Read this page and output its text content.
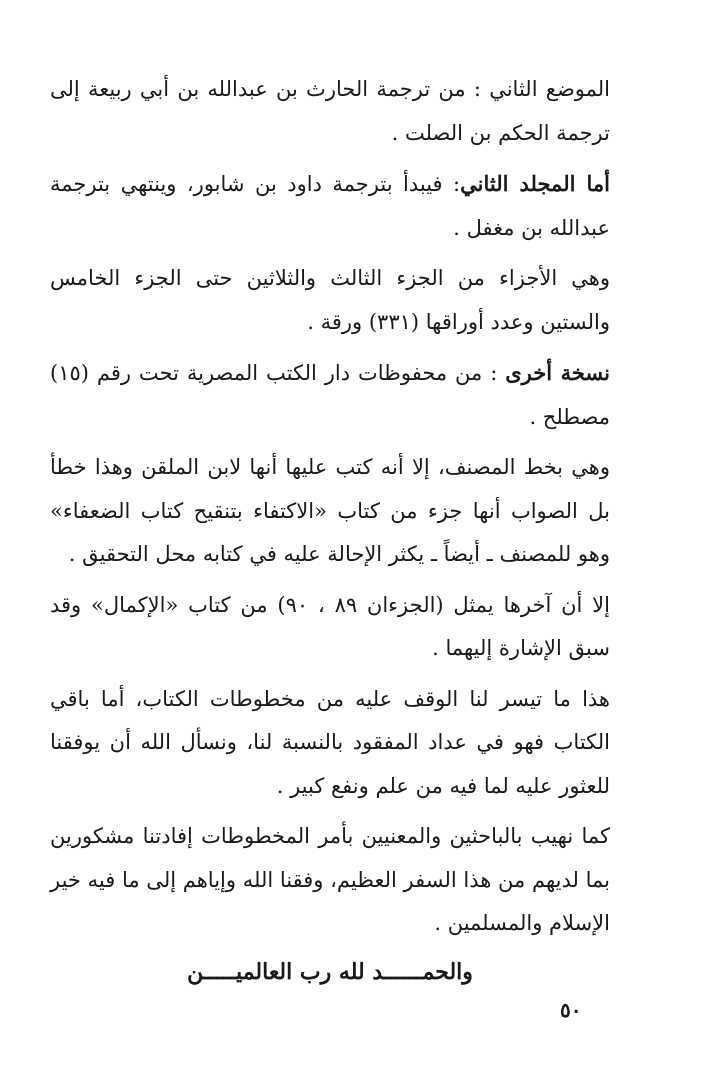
الموضع الثاني : من ترجمة الحارث بن عبدالله بن أبي ربيعة إلى ترجمة الحكم بن الصلت .

أما المجلد الثاني: فيبدأ بترجمة داود بن شابور، وينتهي بترجمة عبدالله بن مغفل .

وهي الأجزاء من الجزء الثالث والثلاثين حتى الجزء الخامس والستين وعدد أوراقها (٣٣١) ورقة .

نسخة أخرى : من محفوظات دار الكتب المصرية تحت رقم (١٥) مصطلح .

وهي بخط المصنف، إلا أنه كتب عليها أنها لابن الملقن وهذا خطأ بل الصواب أنها جزء من كتاب «الاكتفاء بتنقيح كتاب الضعفاء» وهو للمصنف ـ أيضاً ـ يكثر الإحالة عليه في كتابه محل التحقيق .

إلا أن آخرها يمثل (الجزءان ٨٩ ، ٩٠) من كتاب «الإكمال» وقد سبق الإشارة إليهما .

هذا ما تيسر لنا الوقف عليه من مخطوطات الكتاب، أما باقي الكتاب فهو في عداد المفقود بالنسبة لنا، ونسأل الله أن يوفقنا للعثور عليه لما فيه من علم ونفع كبير .

كما نهيب بالباحثين والمعنيين بأمر المخطوطات إفادتنا مشكورين بما لديهم من هذا السفر العظيم، وفقنا الله وإياهم إلى ما فيه خير الإسلام والمسلمين .

والحمــــــد لله رب العالميـــــن
٥٠
